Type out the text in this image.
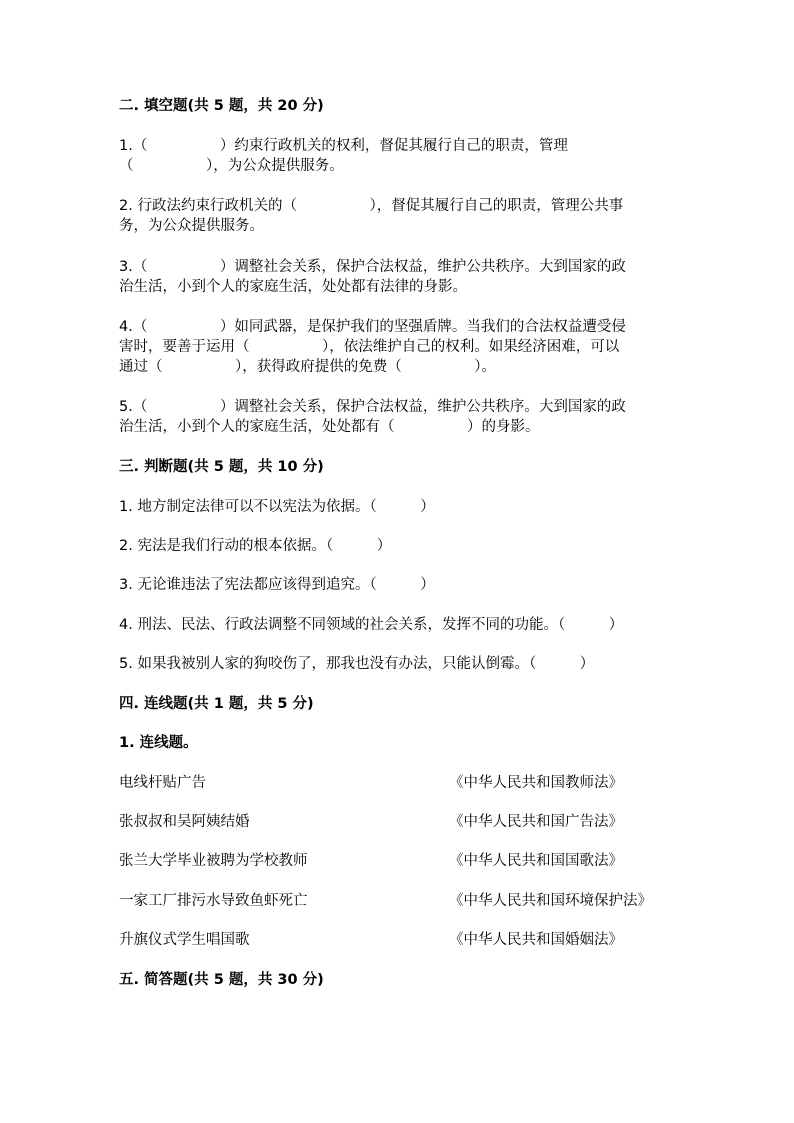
二. 填空题(共 5 题，共 20 分)
1.（　　　　　）约束行政机关的权利，督促其履行自己的职责，管理
（　　　　　），为公众提供服务。
2. 行政法约束行政机关的（　　　　　），督促其履行自己的职责，管理公共事
务，为公众提供服务。
3.（　　　　　）调整社会关系，保护合法权益，维护公共秩序。大到国家的政
治生活，小到个人的家庭生活，处处都有法律的身影。
4.（　　　　　）如同武器，是保护我们的坚强盾牌。当我们的合法权益遭受侵
害时，要善于运用（　　　　　），依法维护自己的权利。如果经济困难，可以
通过（　　　　　），获得政府提供的免费（　　　　　）。
5.（　　　　　）调整社会关系，保护合法权益，维护公共秩序。大到国家的政
治生活，小到个人的家庭生活，处处都有（　　　　　）的身影。
三. 判断题(共 5 题，共 10 分)
1. 地方制定法律可以不以宪法为依据。（　　　）
2. 宪法是我们行动的根本依据。（　　　）
3. 无论谁违法了宪法都应该得到追究。（　　　）
4. 刑法、民法、行政法调整不同领域的社会关系，发挥不同的功能。（　　　）
5. 如果我被别人家的狗咬伤了，那我也没有办法，只能认倒霉。（　　　）
四. 连线题(共 1 题，共 5 分)
1. 连线题。
电线杆贴广告	《中华人民共和国教师法》
张叔叔和吴阿姨结婚	《中华人民共和国广告法》
张兰大学毕业被聘为学校教师	《中华人民共和国国歌法》
一家工厂排污水导致鱼虾死亡	《中华人民共和国环境保护法》
升旗仪式学生唱国歌	《中华人民共和国婚姻法》
五. 简答题(共 5 题，共 30 分)
